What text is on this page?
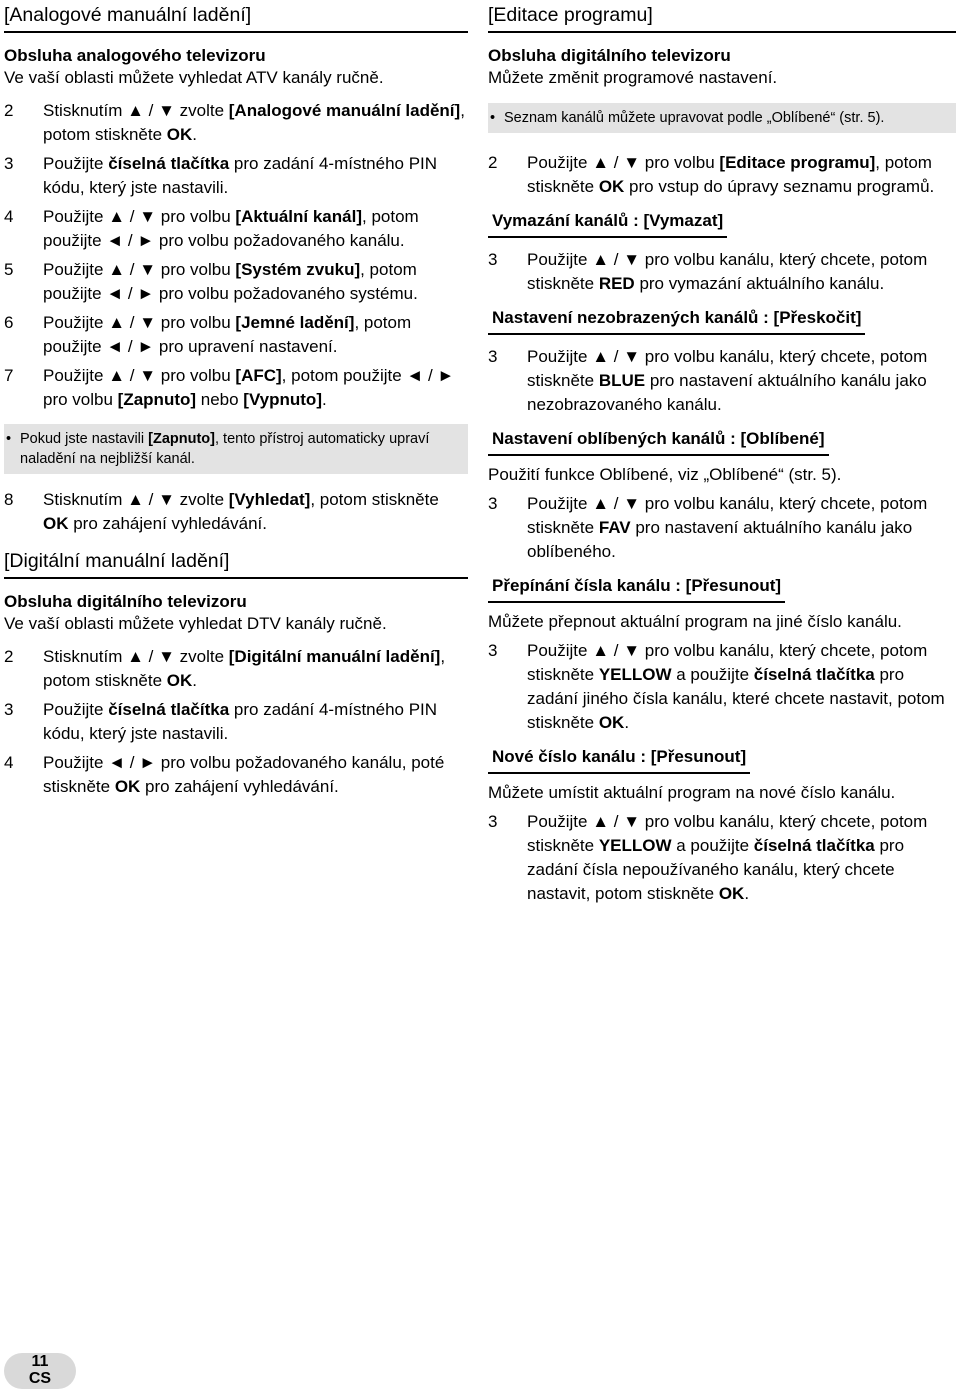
[Analogové manuální ladění]
Obsluha analogového televizoru
Ve vaší oblasti můžete vyhledat ATV kanály ručně.
2	Stisknutím ▲ / ▼ zvolte [Analogové manuální ladění], potom stiskněte OK.
3	Použijte číselná tlačítka pro zadání 4-místného PIN kódu, který jste nastavili.
4	Použijte ▲ / ▼ pro volbu [Aktuální kanál], potom použijte ◄ / ► pro volbu požadovaného kanálu.
5	Použijte ▲ / ▼ pro volbu [Systém zvuku], potom použijte ◄ / ► pro volbu požadovaného systému.
6	Použijte ▲ / ▼ pro volbu [Jemné ladění], potom použijte ◄ / ► pro upravení nastavení.
7	Použijte ▲ / ▼ pro volbu [AFC], potom použijte ◄ / ► pro volbu [Zapnuto] nebo [Vypnuto].
• Pokud jste nastavili [Zapnuto], tento přístroj automaticky upraví naladění na nejbližší kanál.
8	Stisknutím ▲ / ▼ zvolte [Vyhledat], potom stiskněte OK pro zahájení vyhledávání.
[Digitální manuální ladění]
Obsluha digitálního televizoru
Ve vaší oblasti můžete vyhledat DTV kanály ručně.
2	Stisknutím ▲ / ▼ zvolte [Digitální manuální ladění], potom stiskněte OK.
3	Použijte číselná tlačítka pro zadání 4-místného PIN kódu, který jste nastavili.
4	Použijte ◄ / ► pro volbu požadovaného kanálu, poté stiskněte OK pro zahájení vyhledávání.
[Editace programu]
Obsluha digitálního televizoru
Můžete změnit programové nastavení.
• Seznam kanálů můžete upravovat podle „Oblíbené“ (str. 5).
2	Použijte ▲ / ▼ pro volbu [Editace programu], potom stiskněte OK pro vstup do úpravy seznamu programů.
Vymazání kanálů : [Vymazat]
3	Použijte ▲ / ▼ pro volbu kanálu, který chcete, potom stiskněte RED pro vymazání aktuálního kanálu.
Nastavení nezobrazených kanálů : [Přeskočit]
3	Použijte ▲ / ▼ pro volbu kanálu, který chcete, potom stiskněte BLUE pro nastavení aktuálního kanálu jako nezobrazovaného kanálu.
Nastavení oblíbených kanálů : [Oblíbené]
Použití funkce Oblíbené, viz „Oblíbené“ (str. 5).
3	Použijte ▲ / ▼ pro volbu kanálu, který chcete, potom stiskněte FAV pro nastavení aktuálního kanálu jako oblíbeného.
Přepínání čísla kanálu : [Přesunout]
Můžete přepnout aktuální program na jiné číslo kanálu.
3	Použijte ▲ / ▼ pro volbu kanálu, který chcete, potom stiskněte YELLOW a použijte číselná tlačítka pro zadání jiného čísla kanálu, které chcete nastavit, potom stiskněte OK.
Nové číslo kanálu : [Přesunout]
Můžete umístit aktuální program na nové číslo kanálu.
3	Použijte ▲ / ▼ pro volbu kanálu, který chcete, potom stiskněte YELLOW a použijte číselná tlačítka pro zadání čísla nepoužívaného kanálu, který chcete nastavit, potom stiskněte OK.
11
CS
